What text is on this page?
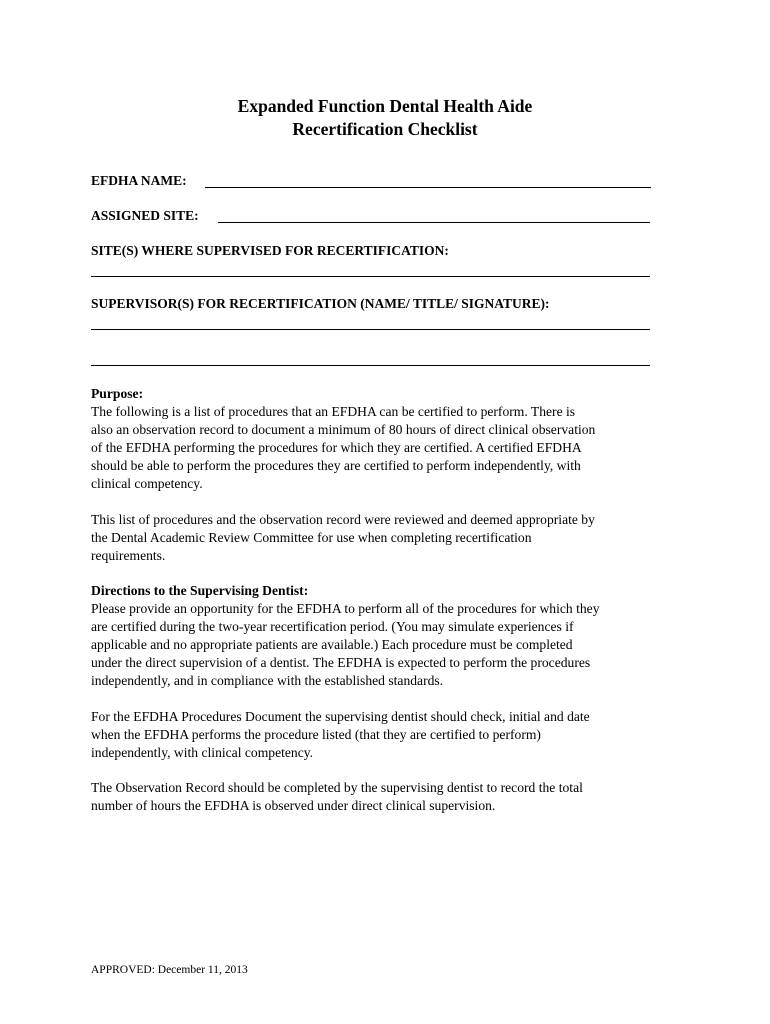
Expanded Function Dental Health Aide
Recertification Checklist
EFDHA NAME:
ASSIGNED SITE:
SITE(S) WHERE SUPERVISED FOR RECERTIFICATION:
SUPERVISOR(S) FOR RECERTIFICATION (NAME/ TITLE/ SIGNATURE):
Purpose:
The following is a list of procedures that an EFDHA can be certified to perform. There is
also an observation record to document a minimum of 80 hours of direct clinical observation
of the EFDHA performing the procedures for which they are certified. A certified EFDHA
should be able to perform the procedures they are certified to perform independently, with
clinical competency.
This list of procedures and the observation record were reviewed and deemed appropriate by
the Dental Academic Review Committee for use when completing recertification
requirements.
Directions to the Supervising Dentist:
Please provide an opportunity for the EFDHA to perform all of the procedures for which they
are certified during the two-year recertification period. (You may simulate experiences if
applicable and no appropriate patients are available.) Each procedure must be completed
under the direct supervision of a dentist. The EFDHA is expected to perform the procedures
independently, and in compliance with the established standards.
For the EFDHA Procedures Document the supervising dentist should check, initial and date
when the EFDHA performs the procedure listed (that they are certified to perform)
independently, with clinical competency.
The Observation Record should be completed by the supervising dentist to record the total
number of hours the EFDHA is observed under direct clinical supervision.
APPROVED: December 11, 2013
